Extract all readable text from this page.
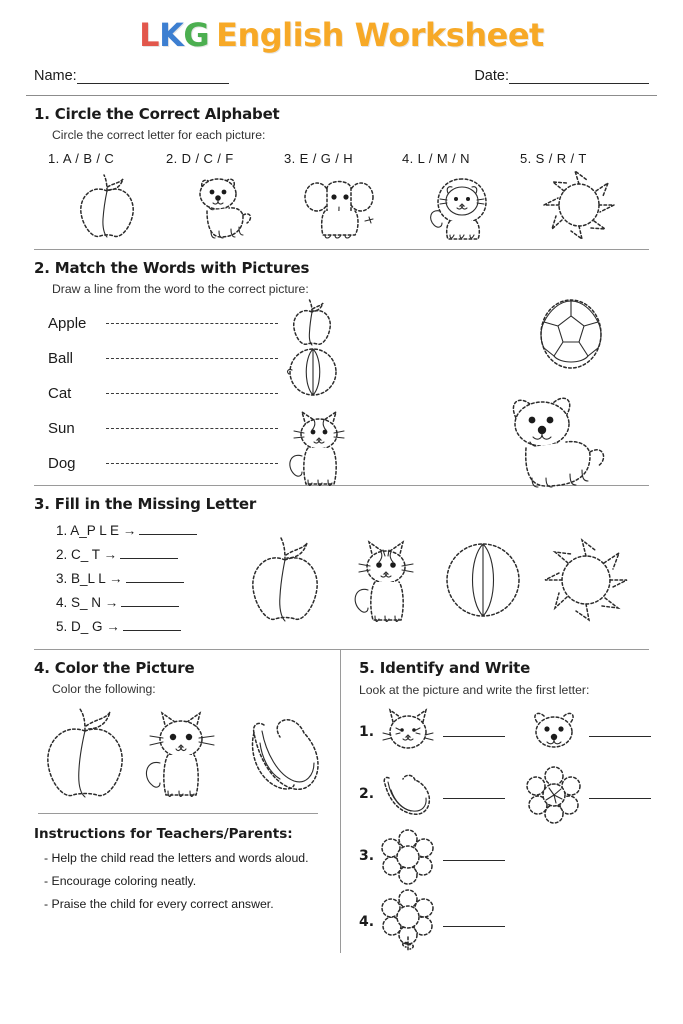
LKG English Worksheet
Name:	Date:
1. Circle the Correct Alphabet
Circle the correct letter for each picture:
1. A / B / C	2. D / C / F	3. E / G / H	4. L / M / N	5. S / R / T
2. Match the Words with Pictures
Draw a line from the word to the correct picture:
Apple
Ball
Cat
Sun
Dog
3. Fill in the Missing Letter
1. A_P L E →
2. C_ T →
3. B_L L →
4. S_ N →
5. D_ G →
4. Color the Picture
Color the following:
Instructions for Teachers/Parents:
- Help the child read the letters and words aloud.
- Encourage coloring neatly.
- Praise the child for every correct answer.
5. Identify and Write
Look at the picture and write the first letter:
1.
2.
3.
4.
